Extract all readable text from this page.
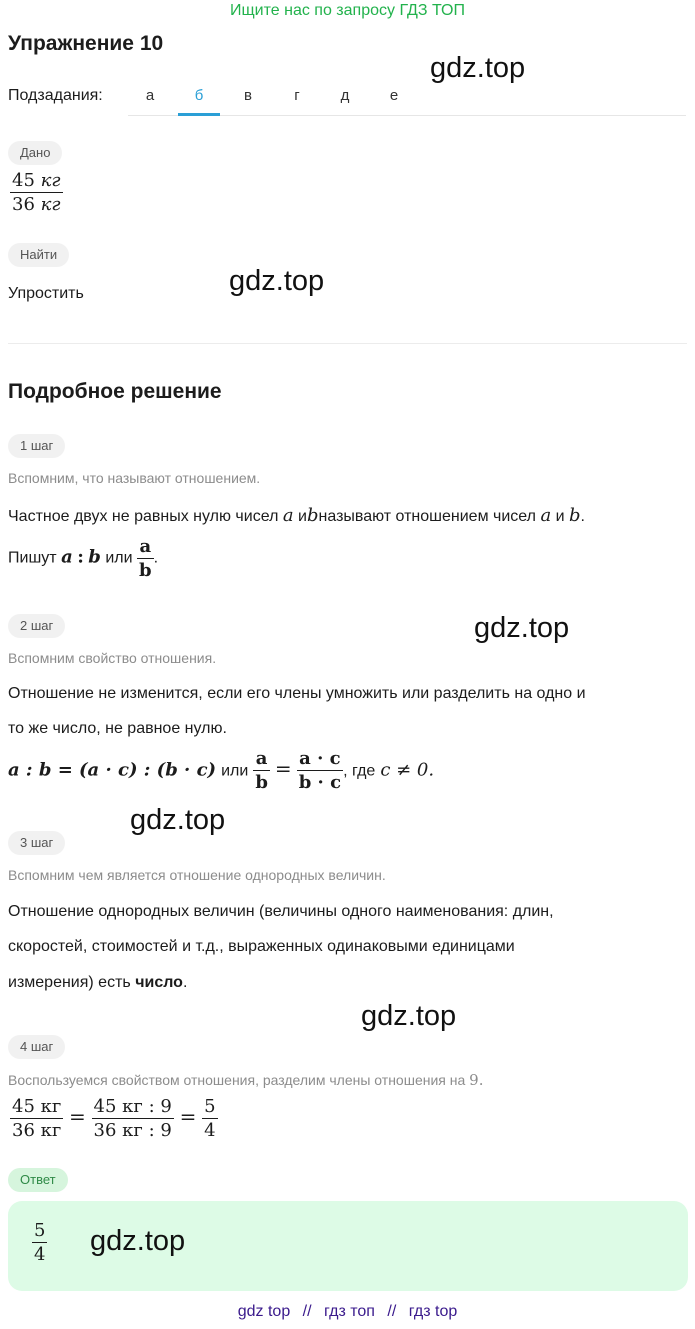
Ищите нас по запросу ГДЗ ТОП
Упражнение 10
Подзадания:	а	б	в	г	д	е
Дано
$\frac{45 кг}{36 кг}$
Найти
Упростить
Подробное решение
1 шаг
Вспомним, что называют отношением.
Частное двух не равных нулю чисел a иbназывают отношением чисел a и b.
Пишут a : b или $\frac{a}{b}$ .
2 шаг
Вспомним свойство отношения.
Отношение не изменится, если его члены умножить или разделить на одно и
то же число, не равное нулю.
a : b = (a · c) : (b · c) или $\frac{a}{b} = \frac{a \cdot c}{b \cdot c}$ , где c ≠ 0.
3 шаг
Вспомним чем является отношение однородных величин.
Отношение однородных величин (величины одного наименования: длин,
скоростей, стоимостей и т.д., выраженных одинаковыми единицами
измерения) есть число.
4 шаг
Воспользуемся свойством отношения, разделим члены отношения на 9.
$\frac{45 кг}{36 кг} = \frac{45 кг : 9}{36 кг : 9} = \frac{5}{4}$
Ответ
$\frac{5}{4}$
gdz.top
gdz.top
gdz.top
gdz.top
gdz.top
gdz.top
gdz top // гдз топ // гдз top
